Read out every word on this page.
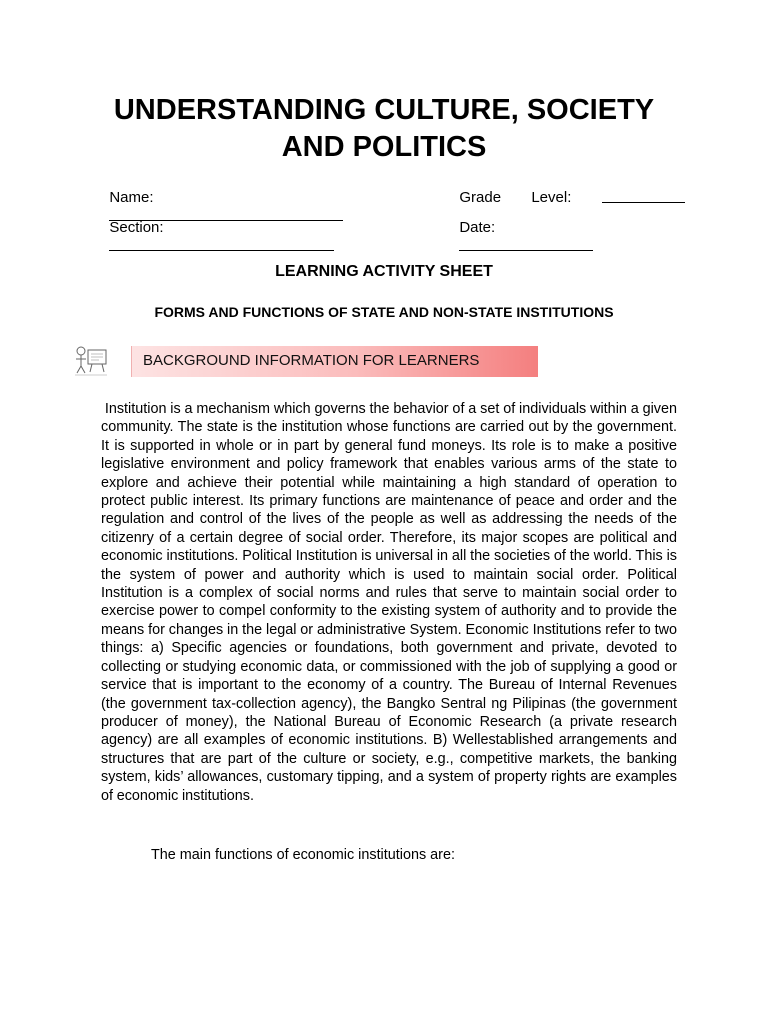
UNDERSTANDING CULTURE, SOCIETY
AND POLITICS

Name:
	Grade	Level:

Section:
	Date:

LEARNING ACTIVITY SHEET
FORMS AND FUNCTIONS OF STATE AND NON-STATE INSTITUTIONS
BACKGROUND INFORMATION FOR LEARNERS

Institution is a mechanism which governs the behavior of a set of individuals within a given community. The state is the institution whose functions are carried out by the government. It is supported in whole or in part by general fund moneys. Its role is to make a positive legislative environment and policy framework that enables various arms of the state to explore and achieve their potential while maintaining a high standard of operation to protect public interest. Its primary functions are maintenance of peace and order and the regulation and control of the lives of the people as well as addressing the needs of the citizenry of a certain degree of social order. Therefore, its major scopes are political and economic institutions. Political Institution is universal in all the societies of the world. This is the system of power and authority which is used to maintain social order. Political Institution is a complex of social norms and rules that serve to maintain social order to exercise power to compel conformity to the existing system of authority and to provide the means for changes in the legal or administrative System. Economic Institutions refer to two things: a) Specific agencies or foundations, both government and private, devoted to collecting or studying economic data, or commissioned with the job of supplying a good or service that is important to the economy of a country. The Bureau of Internal Revenues (the government tax-collection agency), the Bangko Sentral ng Pilipinas (the government producer of money), the National Bureau of Economic Research (a private research agency) are all examples of economic institutions. B) Wellestablished arrangements and structures that are part of the culture or society, e.g., competitive markets, the banking system, kids’ allowances, customary tipping, and a system of property rights are examples of economic institutions.

The main functions of economic institutions are:
